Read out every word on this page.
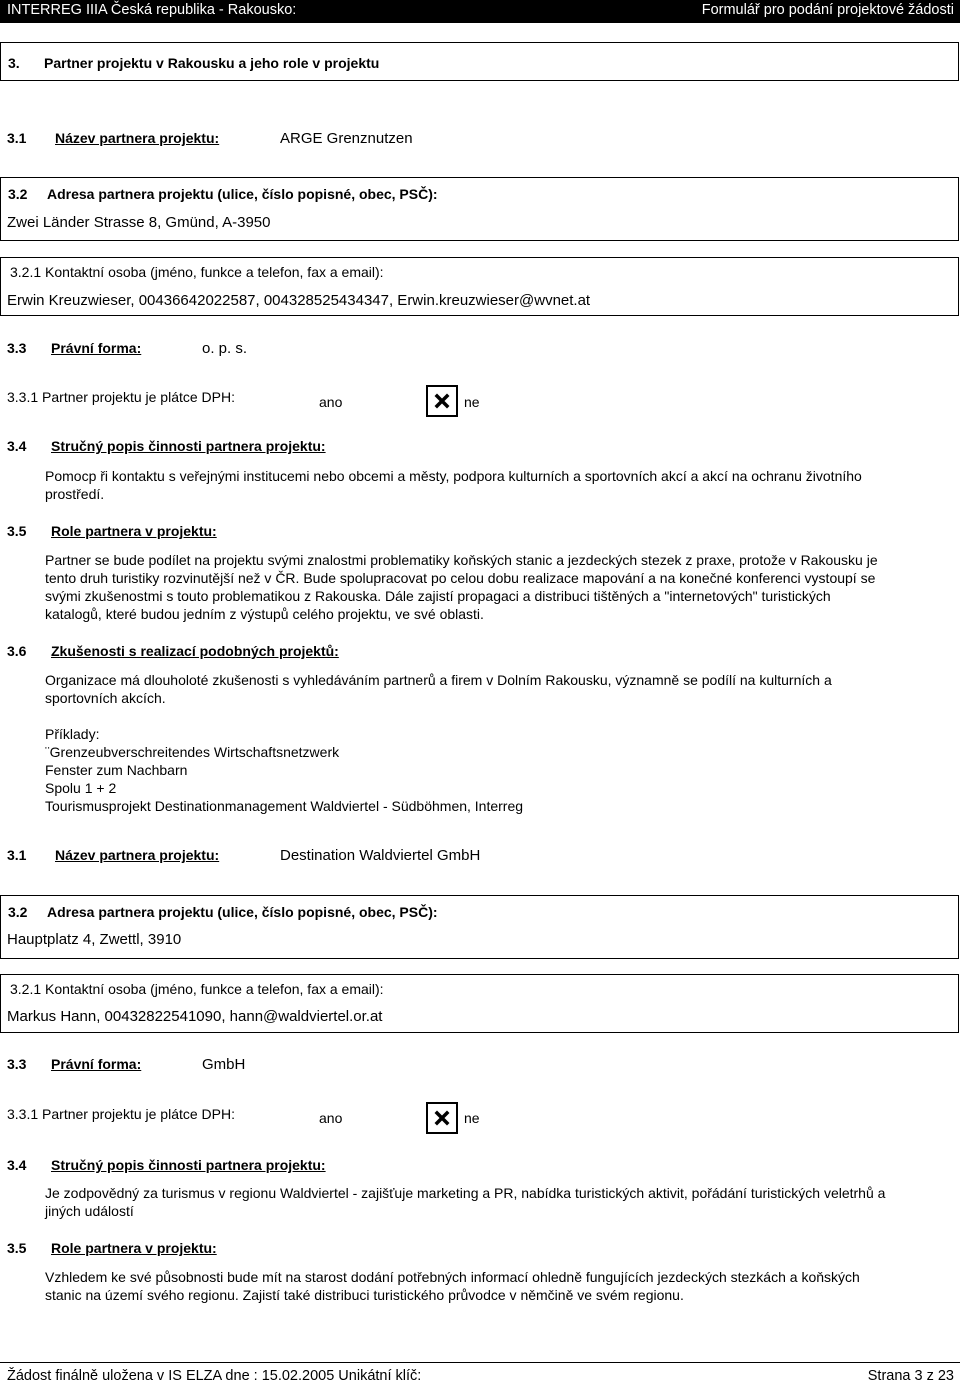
INTERREG IIIA Česká republika - Rakousko:	Formulář pro podání projektové žádosti
3. Partner projektu v Rakousku a jeho role v projektu
3.1 Název partnera projektu:	ARGE Grenznutzen
3.2 Adresa partnera projektu (ulice, číslo popisné, obec, PSČ):
Zwei Länder Strasse 8, Gmünd, A-3950
3.2.1 Kontaktní osoba (jméno, funkce a telefon, fax a email):
Erwin Kreuzwieser, 00436642022587, 004328525434347, Erwin.kreuzwieser@wvnet.at
3.3 Právní forma:	o. p. s.
3.3.1 Partner projektu je plátce DPH:	ano	ne
3.4 Stručný popis činnosti partnera projektu:
Pomocp ři kontaktu s veřejnými institucemi nebo obcemi a městy, podpora kulturních a sportovních akcí a akcí na ochranu životního
prostředí.
3.5 Role partnera v projektu:
Partner se bude podílet na projektu svými znalostmi problematiky koňských stanic a jezdeckých stezek z praxe, protože v Rakousku je
tento druh turistiky rozvinutější než v ČR. Bude spolupracovat po celou dobu realizace mapování a na konečné konferenci vystoupí se
svými zkušenostmi s touto problematikou z Rakouska. Dále zajistí propagaci a distribuci tištěných a "internetových" turistických
katalogů, které budou jedním z výstupů celého projektu, ve své oblasti.
3.6 Zkušenosti s realizací podobných projektů:
Organizace má dlouholoté zkušenosti s vyhledáváním partnerů a firem v Dolním Rakousku, významně se podílí na kulturních a
sportovních akcích.
Příklady:
¨Grenzeubverschreitendes Wirtschaftsnetzwerk
Fenster zum Nachbarn
Spolu 1 + 2
Tourismusprojekt Destinationmanagement Waldviertel - Südböhmen, Interreg
3.1 Název partnera projektu:	Destination Waldviertel GmbH
3.2 Adresa partnera projektu (ulice, číslo popisné, obec, PSČ):
Hauptplatz 4, Zwettl, 3910
3.2.1 Kontaktní osoba (jméno, funkce a telefon, fax a email):
Markus Hann, 00432822541090, hann@waldviertel.or.at
3.3 Právní forma:	GmbH
3.3.1 Partner projektu je plátce DPH:	ano	ne
3.4 Stručný popis činnosti partnera projektu:
Je zodpovědný za turismus v regionu Waldviertel - zajišťuje marketing a PR, nabídka turistických aktivit, pořádání turistických veletrhů a
jiných událostí
3.5 Role partnera v projektu:
Vzhledem ke své působnosti bude mít na starost dodání potřebných informací ohledně fungujících jezdeckých stezkách a koňských
stanic na území svého regionu. Zajistí také distribuci turistického průvodce v němčině ve svém regionu.
Žádost finálně uložena v IS ELZA dne : 15.02.2005 Unikátní klíč:	Strana 3 z 23
